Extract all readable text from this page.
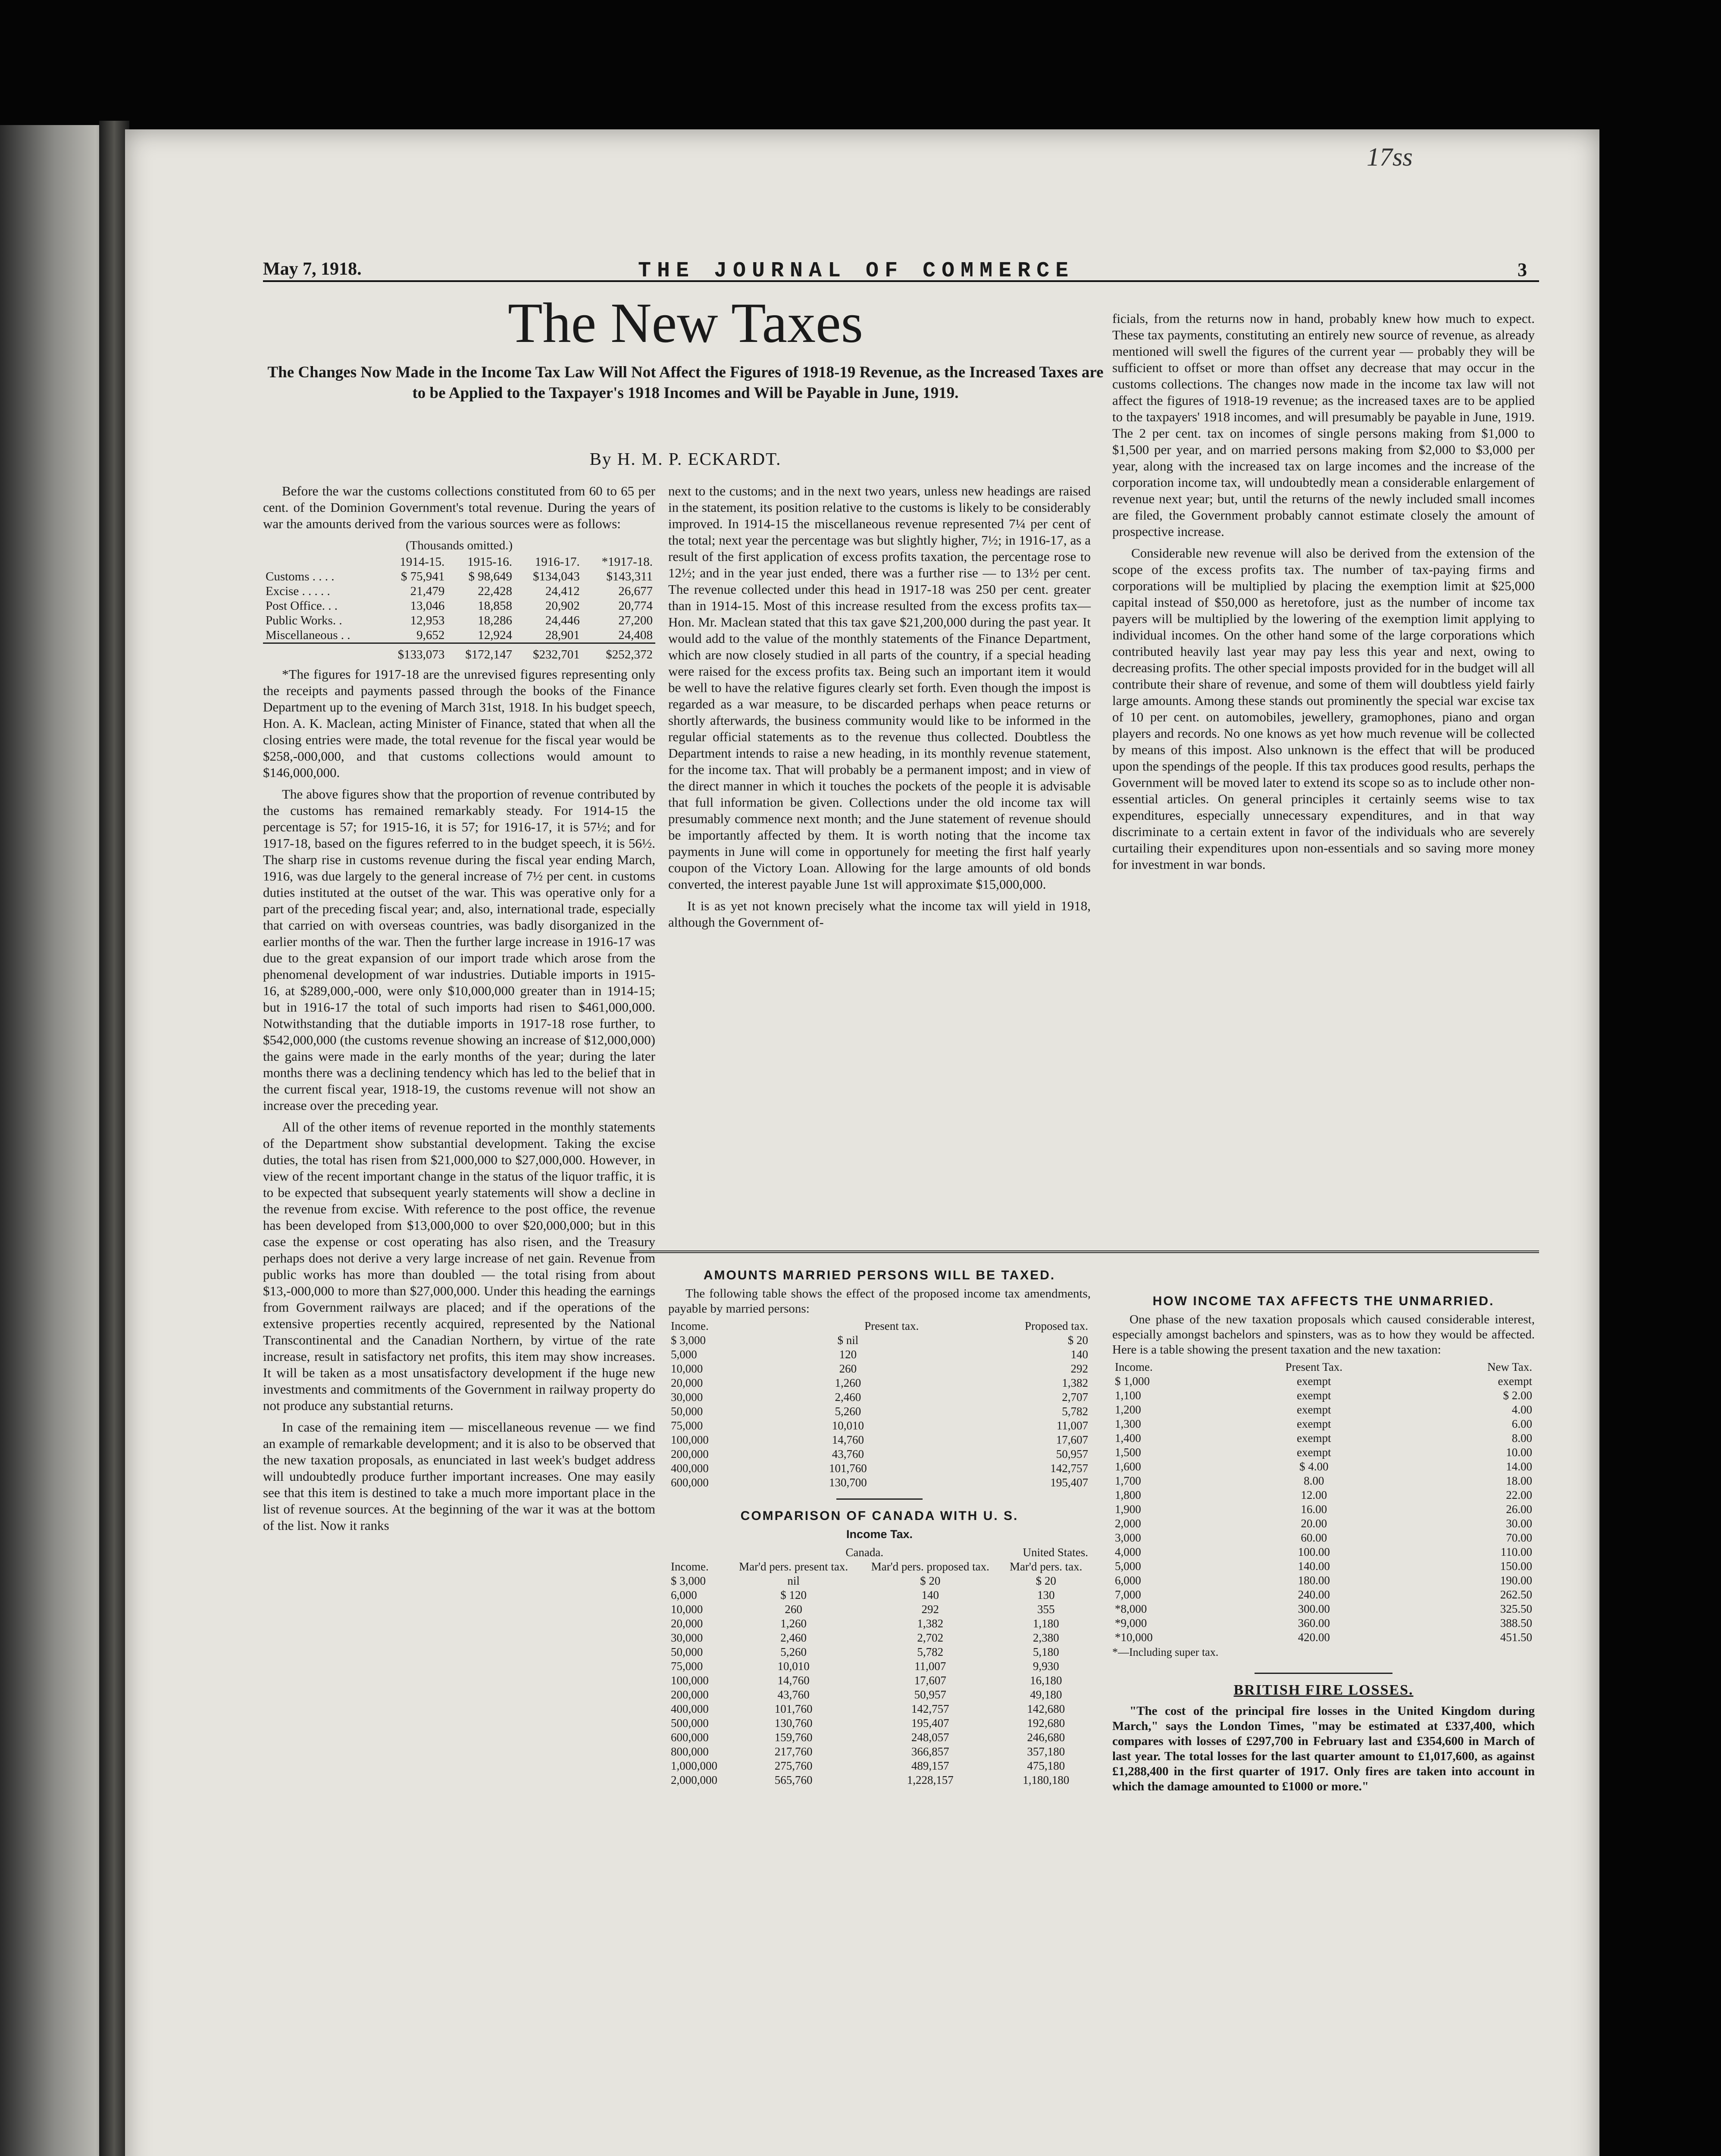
17ss
May 7, 1918.	THE JOURNAL OF COMMERCE	3
The New Taxes
The Changes Now Made in the Income Tax Law Will Not Affect the Figures of 1918-19 Revenue, as the Increased Taxes are to be Applied to the Taxpayer's 1918 Incomes and Will be Payable in June, 1919.
By H. M. P. ECKARDT.

Before the war the customs collections constituted from 60 to 65 per cent. of the Dominion Government's total revenue. During the years of war the amounts derived from the various sources were as follows:

(Thousands omitted.)
	1914-15.	1915-16.	1916-17.	*1917-18.
Customs . . . .	$ 75,941	$ 98,649	$134,043	$143,311
Excise . . . . .	21,479	22,428	24,412	26,677
Post Office. . .	13,046	18,858	20,902	20,774
Public Works. .	12,953	18,286	24,446	27,200
Miscellaneous . .	9,652	12,924	28,901	24,408
	$133,073	$172,147	$232,701	$252,372

*The figures for 1917-18 are the unrevised figures representing only the receipts and payments passed through the books of the Finance Department up to the evening of March 31st, 1918. In his budget speech, Hon. A. K. Maclean, acting Minister of Finance, stated that when all the closing entries were made, the total revenue for the fiscal year would be $258,-000,000, and that customs collections would amount to $146,000,000.

The above figures show that the proportion of revenue contributed by the customs has remained remarkably steady. For 1914-15 the percentage is 57; for 1915-16, it is 57; for 1916-17, it is 57½; and for 1917-18, based on the figures referred to in the budget speech, it is 56½. The sharp rise in customs revenue during the fiscal year ending March, 1916, was due largely to the general increase of 7½ per cent. in customs duties instituted at the outset of the war. This was operative only for a part of the preceding fiscal year; and, also, international trade, especially that carried on with overseas countries, was badly disorganized in the earlier months of the war. Then the further large increase in 1916-17 was due to the great expansion of our import trade which arose from the phenomenal development of war industries. Dutiable imports in 1915-16, at $289,000,-000, were only $10,000,000 greater than in 1914-15; but in 1916-17 the total of such imports had risen to $461,000,000. Notwithstanding that the dutiable imports in 1917-18 rose further, to $542,000,000 (the customs revenue showing an increase of $12,000,000) the gains were made in the early months of the year; during the later months there was a declining tendency which has led to the belief that in the current fiscal year, 1918-19, the customs revenue will not show an increase over the preceding year.

All of the other items of revenue reported in the monthly statements of the Department show substantial development. Taking the excise duties, the total has risen from $21,000,000 to $27,000,000. However, in view of the recent important change in the status of the liquor traffic, it is to be expected that subsequent yearly statements will show a decline in the revenue from excise. With reference to the post office, the revenue has been developed from $13,000,000 to over $20,000,000; but in this case the expense or cost operating has also risen, and the Treasury perhaps does not derive a very large increase of net gain. Revenue from public works has more than doubled — the total rising from about $13,-000,000 to more than $27,000,000. Under this heading the earnings from Government railways are placed; and if the operations of the extensive properties recently acquired, represented by the National Transcontinental and the Canadian Northern, by virtue of the rate increase, result in satisfactory net profits, this item may show increases. It will be taken as a most unsatisfactory development if the huge new investments and commitments of the Government in railway property do not produce any substantial returns.

In case of the remaining item — miscellaneous revenue — we find an example of remarkable development; and it is also to be observed that the new taxation proposals, as enunciated in last week's budget address will undoubtedly produce further important increases. One may easily see that this item is destined to take a much more important place in the list of revenue sources. At the beginning of the war it was at the bottom of the list. Now it ranks

next to the customs; and in the next two years, unless new headings are raised in the statement, its position relative to the customs is likely to be considerably improved. In 1914-15 the miscellaneous revenue represented 7¼ per cent of the total; next year the percentage was but slightly higher, 7½; in 1916-17, as a result of the first application of excess profits taxation, the percentage rose to 12½; and in the year just ended, there was a further rise — to 13½ per cent. The revenue collected under this head in 1917-18 was 250 per cent. greater than in 1914-15. Most of this increase resulted from the excess profits tax—Hon. Mr. Maclean stated that this tax gave $21,200,000 during the past year. It would add to the value of the monthly statements of the Finance Department, which are now closely studied in all parts of the country, if a special heading were raised for the excess profits tax. Being such an important item it would be well to have the relative figures clearly set forth. Even though the impost is regarded as a war measure, to be discarded perhaps when peace returns or shortly afterwards, the business community would like to be informed in the regular official statements as to the revenue thus collected. Doubtless the Department intends to raise a new heading, in its monthly revenue statement, for the income tax. That will probably be a permanent impost; and in view of the direct manner in which it touches the pockets of the people it is advisable that full information be given. Collections under the old income tax will presumably commence next month; and the June statement of revenue should be importantly affected by them. It is worth noting that the income tax payments in June will come in opportunely for meeting the first half yearly coupon of the Victory Loan. Allowing for the large amounts of old bonds converted, the interest payable June 1st will approximate $15,000,000.

It is as yet not known precisely what the income tax will yield in 1918, although the Government of-

ficials, from the returns now in hand, probably knew how much to expect. These tax payments, constituting an entirely new source of revenue, as already mentioned will swell the figures of the current year — probably they will be sufficient to offset or more than offset any decrease that may occur in the customs collections. The changes now made in the income tax law will not affect the figures of 1918-19 revenue; as the increased taxes are to be applied to the taxpayers' 1918 incomes, and will presumably be payable in June, 1919. The 2 per cent. tax on incomes of single persons making from $1,000 to $1,500 per year, and on married persons making from $2,000 to $3,000 per year, along with the increased tax on large incomes and the increase of the corporation income tax, will undoubtedly mean a considerable enlargement of revenue next year; but, until the returns of the newly included small incomes are filed, the Government probably cannot estimate closely the amount of prospective increase.

Considerable new revenue will also be derived from the extension of the scope of the excess profits tax. The number of tax-paying firms and corporations will be multiplied by placing the exemption limit at $25,000 capital instead of $50,000 as heretofore, just as the number of income tax payers will be multiplied by the lowering of the exemption limit applying to individual incomes. On the other hand some of the large corporations which contributed heavily last year may pay less this year and next, owing to decreasing profits. The other special imposts provided for in the budget will all contribute their share of revenue, and some of them will doubtless yield fairly large amounts. Among these stands out prominently the special war excise tax of 10 per cent. on automobiles, jewellery, gramophones, piano and organ players and records. No one knows as yet how much revenue will be collected by means of this impost. Also unknown is the effect that will be produced upon the spendings of the people. If this tax produces good results, perhaps the Government will be moved later to extend its scope so as to include other non-essential articles. On general principles it certainly seems wise to tax expenditures, especially unnecessary expenditures, and in that way discriminate to a certain extent in favor of the individuals who are severely curtailing their expenditures upon non-essentials and so saving more money for investment in war bonds.

AMOUNTS MARRIED PERSONS WILL BE TAXED.

The following table shows the effect of the proposed income tax amendments, payable by married persons:

Income.	Present tax.	Proposed tax.
$ 3,000	$ nil	$ 20
5,000	120	140
10,000	260	292
20,000	1,260	1,382
30,000	2,460	2,707
50,000	5,260	5,782
75,000	10,010	11,007
100,000	14,760	17,607
200,000	43,760	50,957
400,000	101,760	142,757
600,000	130,700	195,407
COMPARISON OF CANADA WITH U. S.
Income Tax.
	Canada.		United States.
Income.	Mar'd pers. present tax.	Mar'd pers. proposed tax.	Mar'd pers. tax.
$ 3,000	nil	$ 20	$ 20
6,000	$ 120	140	130
10,000	260	292	355
20,000	1,260	1,382	1,180
30,000	2,460	2,702	2,380
50,000	5,260	5,782	5,180
75,000	10,010	11,007	9,930
100,000	14,760	17,607	16,180
200,000	43,760	50,957	49,180
400,000	101,760	142,757	142,680
500,000	130,760	195,407	192,680
600,000	159,760	248,057	246,680
800,000	217,760	366,857	357,180
1,000,000	275,760	489,157	475,180
2,000,000	565,760	1,228,157	1,180,180
HOW INCOME TAX AFFECTS THE UNMARRIED.

One phase of the new taxation proposals which caused considerable interest, especially amongst bachelors and spinsters, was as to how they would be affected. Here is a table showing the present taxation and the new taxation:

Income.	Present Tax.	New Tax.
$ 1,000	exempt	exempt
1,100	exempt	$ 2.00
1,200	exempt	4.00
1,300	exempt	6.00
1,400	exempt	8.00
1,500	exempt	10.00
1,600	$ 4.00	14.00
1,700	8.00	18.00
1,800	12.00	22.00
1,900	16.00	26.00
2,000	20.00	30.00
3,000	60.00	70.00
4,000	100.00	110.00
5,000	140.00	150.00
6,000	180.00	190.00
7,000	240.00	262.50
*8,000	300.00	325.50
*9,000	360.00	388.50
*10,000	420.00	451.50
*—Including super tax.
BRITISH FIRE LOSSES.

"The cost of the principal fire losses in the United Kingdom during March," says the London Times, "may be estimated at £337,400, which compares with losses of £297,700 in February last and £354,600 in March of last year. The total losses for the last quarter amount to £1,017,600, as against £1,288,400 in the first quarter of 1917. Only fires are taken into account in which the damage amounted to £1000 or more."
